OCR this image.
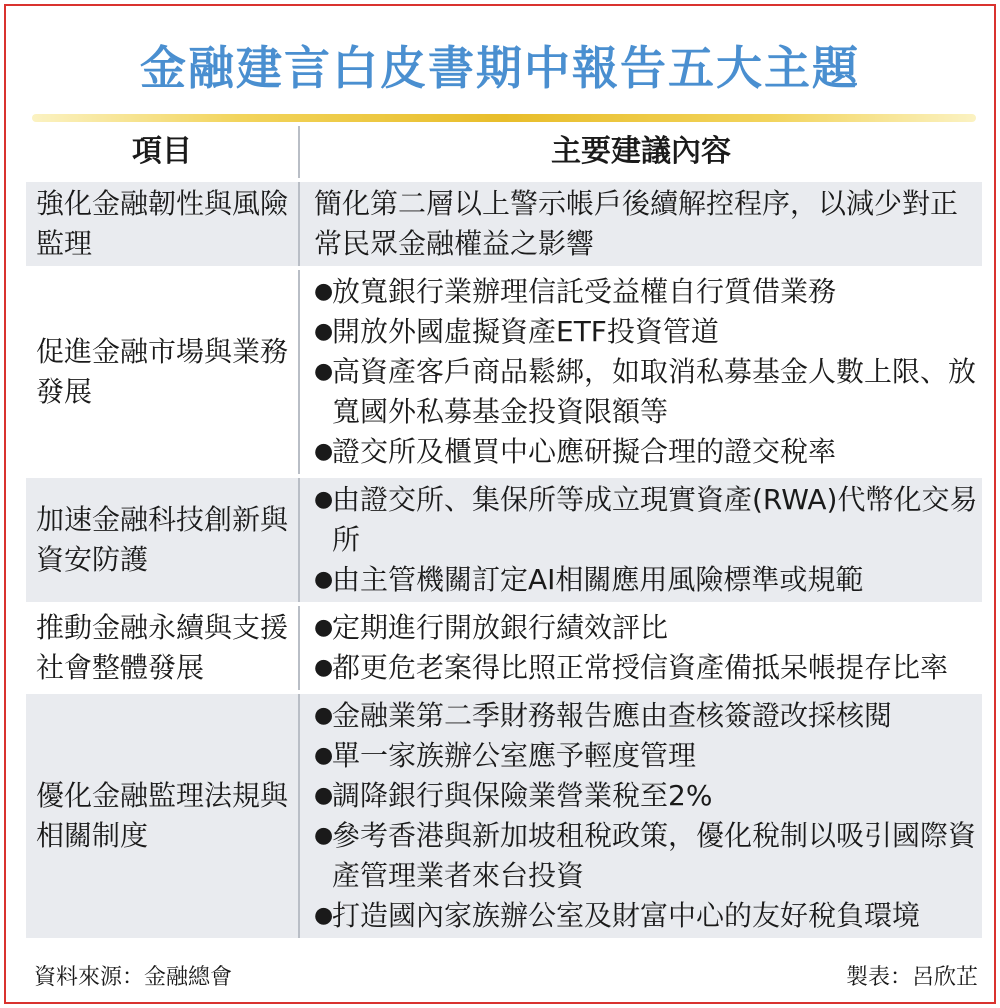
金融建言白皮書期中報告五大主題
項目	主要建議內容
強化金融韌性與風險監理
簡化第二層以上警示帳戶後續解控程序，以減少對正常民眾金融權益之影響
促進金融市場與業務發展
●
放寬銀行業辦理信託受益權自行質借業務
●
開放外國虛擬資產ETF投資管道
●
高資產客戶商品鬆綁，如取消私募基金人數上限、放寬國外私募基金投資限額等
●
證交所及櫃買中心應研擬合理的證交稅率
加速金融科技創新與資安防護
●
由證交所、集保所等成立現實資產(RWA)代幣化交易所
●
由主管機關訂定AI相關應用風險標準或規範
推動金融永續與支援社會整體發展
●
定期進行開放銀行績效評比
●
都更危老案得比照正常授信資產備抵呆帳提存比率
優化金融監理法規與相關制度
●
金融業第二季財務報告應由查核簽證改採核閱
●
單一家族辦公室應予輕度管理
●
調降銀行與保險業營業稅至2%
●
參考香港與新加坡租稅政策，優化稅制以吸引國際資產管理業者來台投資
●
打造國內家族辦公室及財富中心的友好稅負環境
資料來源：金融總會	製表：呂欣芷
